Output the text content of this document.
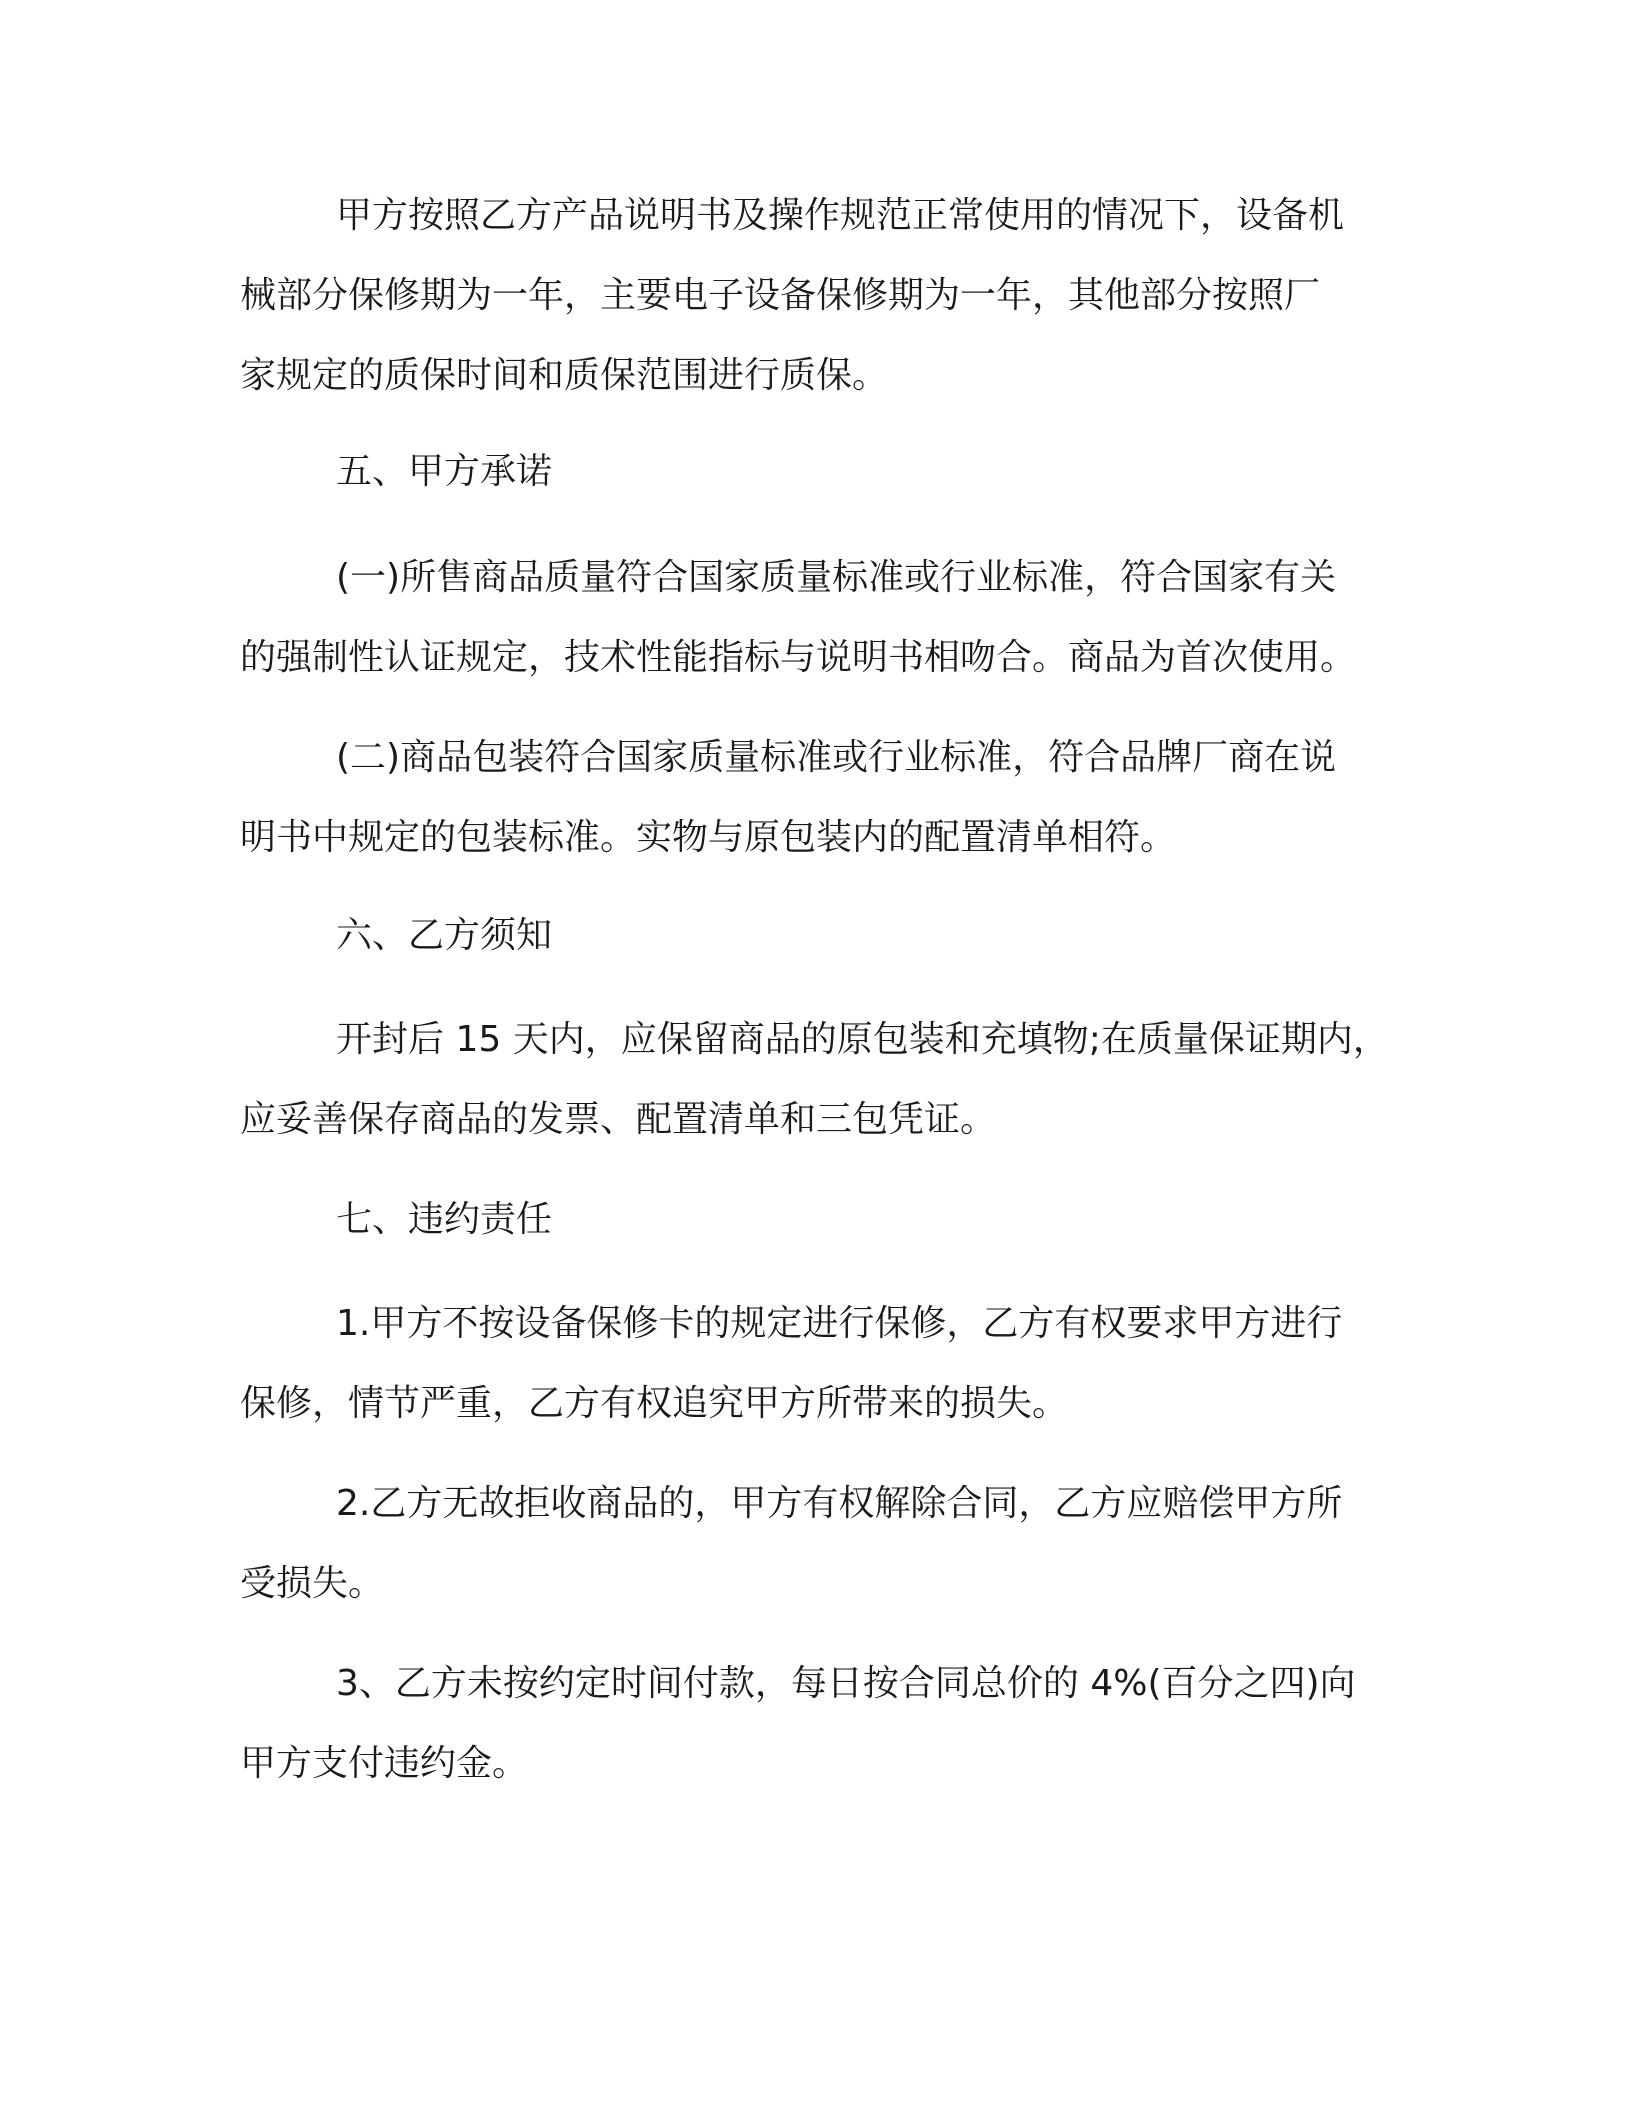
甲方按照乙方产品说明书及操作规范正常使用的情况下，设备机
械部分保修期为一年，主要电子设备保修期为一年，其他部分按照厂
家规定的质保时间和质保范围进行质保。
五、甲方承诺
(一)所售商品质量符合国家质量标准或行业标准，符合国家有关
的强制性认证规定，技术性能指标与说明书相吻合。商品为首次使用。
(二)商品包装符合国家质量标准或行业标准，符合品牌厂商在说
明书中规定的包装标准。实物与原包装内的配置清单相符。
六、乙方须知
开封后 15 天内，应保留商品的原包装和充填物;在质量保证期内，
应妥善保存商品的发票、配置清单和三包凭证。
七、违约责任
1.甲方不按设备保修卡的规定进行保修，乙方有权要求甲方进行
保修，情节严重，乙方有权追究甲方所带来的损失。
2.乙方无故拒收商品的，甲方有权解除合同，乙方应赔偿甲方所
受损失。
3、乙方未按约定时间付款，每日按合同总价的 4%(百分之四)向
甲方支付违约金。
